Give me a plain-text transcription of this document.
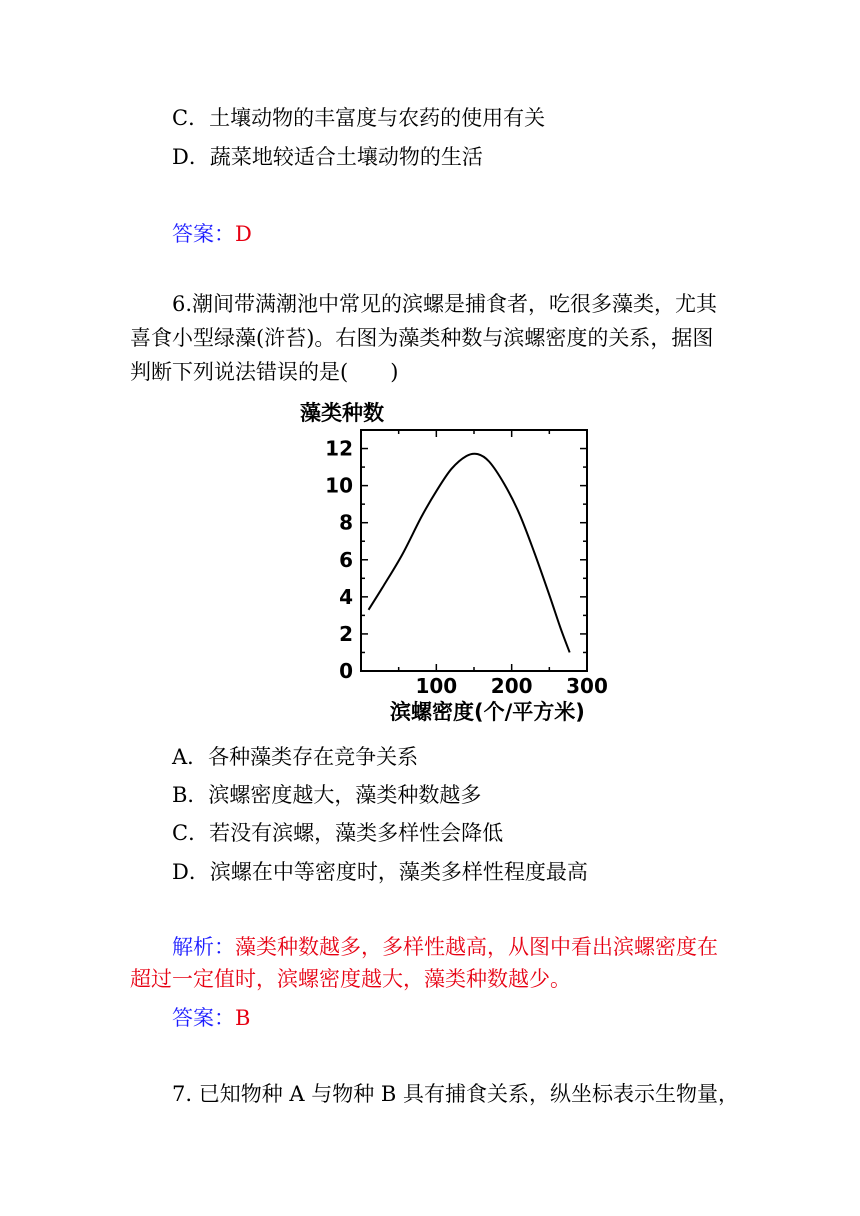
C．土壤动物的丰富度与农药的使用有关
D．蔬菜地较适合土壤动物的生活
答案：D
6.潮间带满潮池中常见的滨螺是捕食者，吃很多藻类，尤其喜食小型绿藻(浒苔)。右图为藻类种数与滨螺密度的关系，据图判断下列说法错误的是(　　)
藻类种数
0
2
4
6
8
10
12
100 200 300
滨螺密度(个/平方米)
A．各种藻类存在竞争关系
B．滨螺密度越大，藻类种数越多
C．若没有滨螺，藻类多样性会降低
D．滨螺在中等密度时，藻类多样性程度最高
解析：藻类种数越多，多样性越高，从图中看出滨螺密度在超过一定值时，滨螺密度越大，藻类种数越少。
答案：B
7. 已知物种 A 与物种 B 具有捕食关系，纵坐标表示生物量，
